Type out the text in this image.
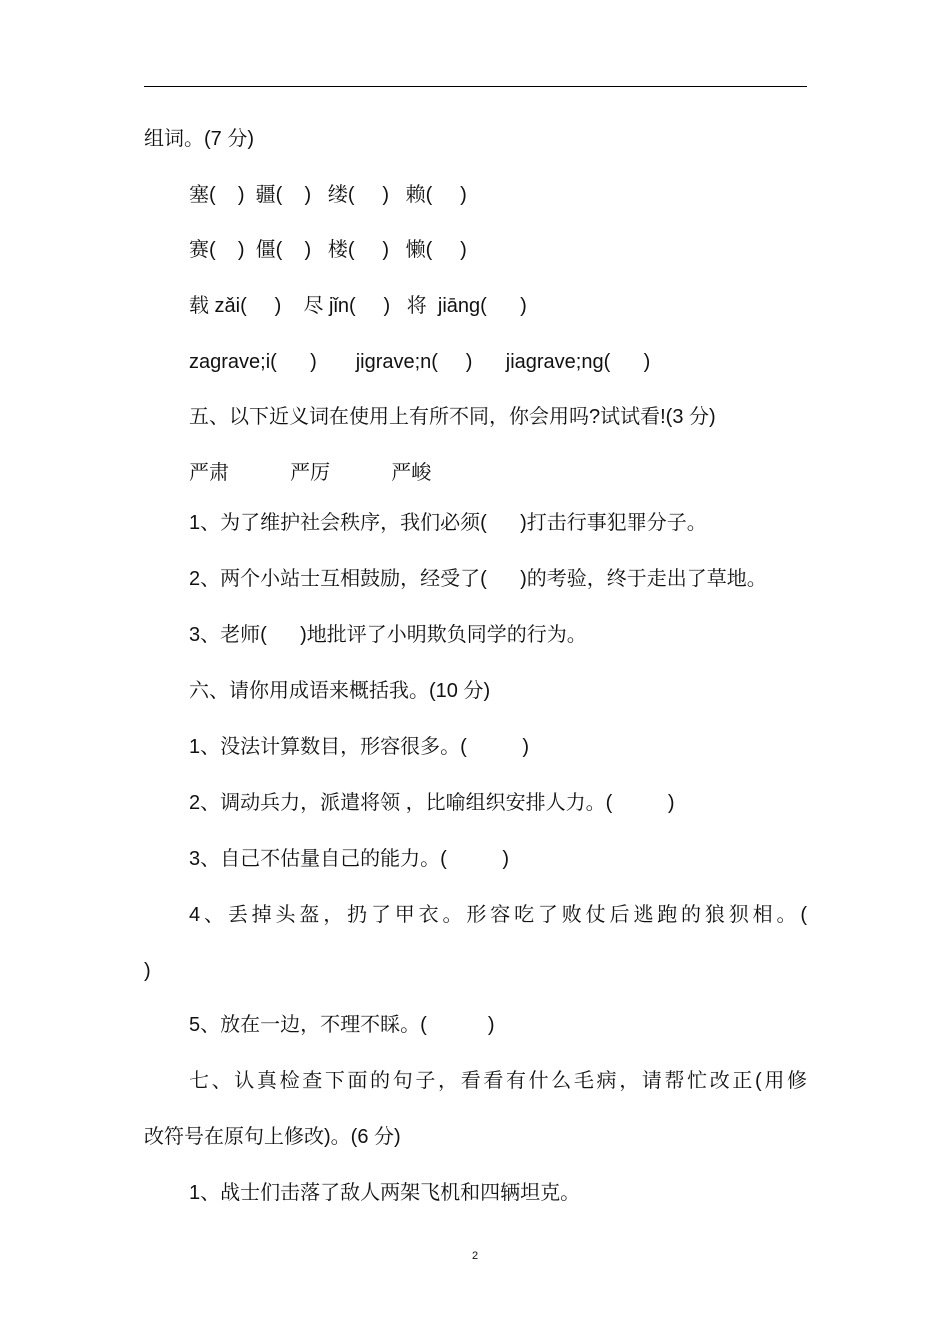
组词。(7 分)
塞(    )  疆(    )   缕(     )   赖(     )
赛(    )  僵(    )   楼(     )   懒(     )
载 zǎi(     )    尽 jǐn(     )   将  jiāng(      )
zagrave;i(      )       jigrave;n(     )      jiagrave;ng(      )
五、以下近义词在使用上有所不同，你会用吗?试试看!(3 分)
严肃           严厉           严峻
1、为了维护社会秩序，我们必须(      )打击行事犯罪分子。
2、两个小站士互相鼓励，经受了(      )的考验，终于走出了草地。
3、老师(      )地批评了小明欺负同学的行为。
六、请你用成语来概括我。(10 分)
1、没法计算数目，形容很多。(          )
2、调动兵力，派遣将领 ，比喻组织安排人力。(          )
3、自己不估量自己的能力。(          )
4、丢掉头盔，扔了甲衣。形容吃了败仗后逃跑的狼狈相。(
)
5、放在一边，不理不睬。(           )
七、认真检查下面的句子，看看有什么毛病，请帮忙改正(用修
改符号在原句上修改)。(6 分)
1、战士们击落了敌人两架飞机和四辆坦克。
2
